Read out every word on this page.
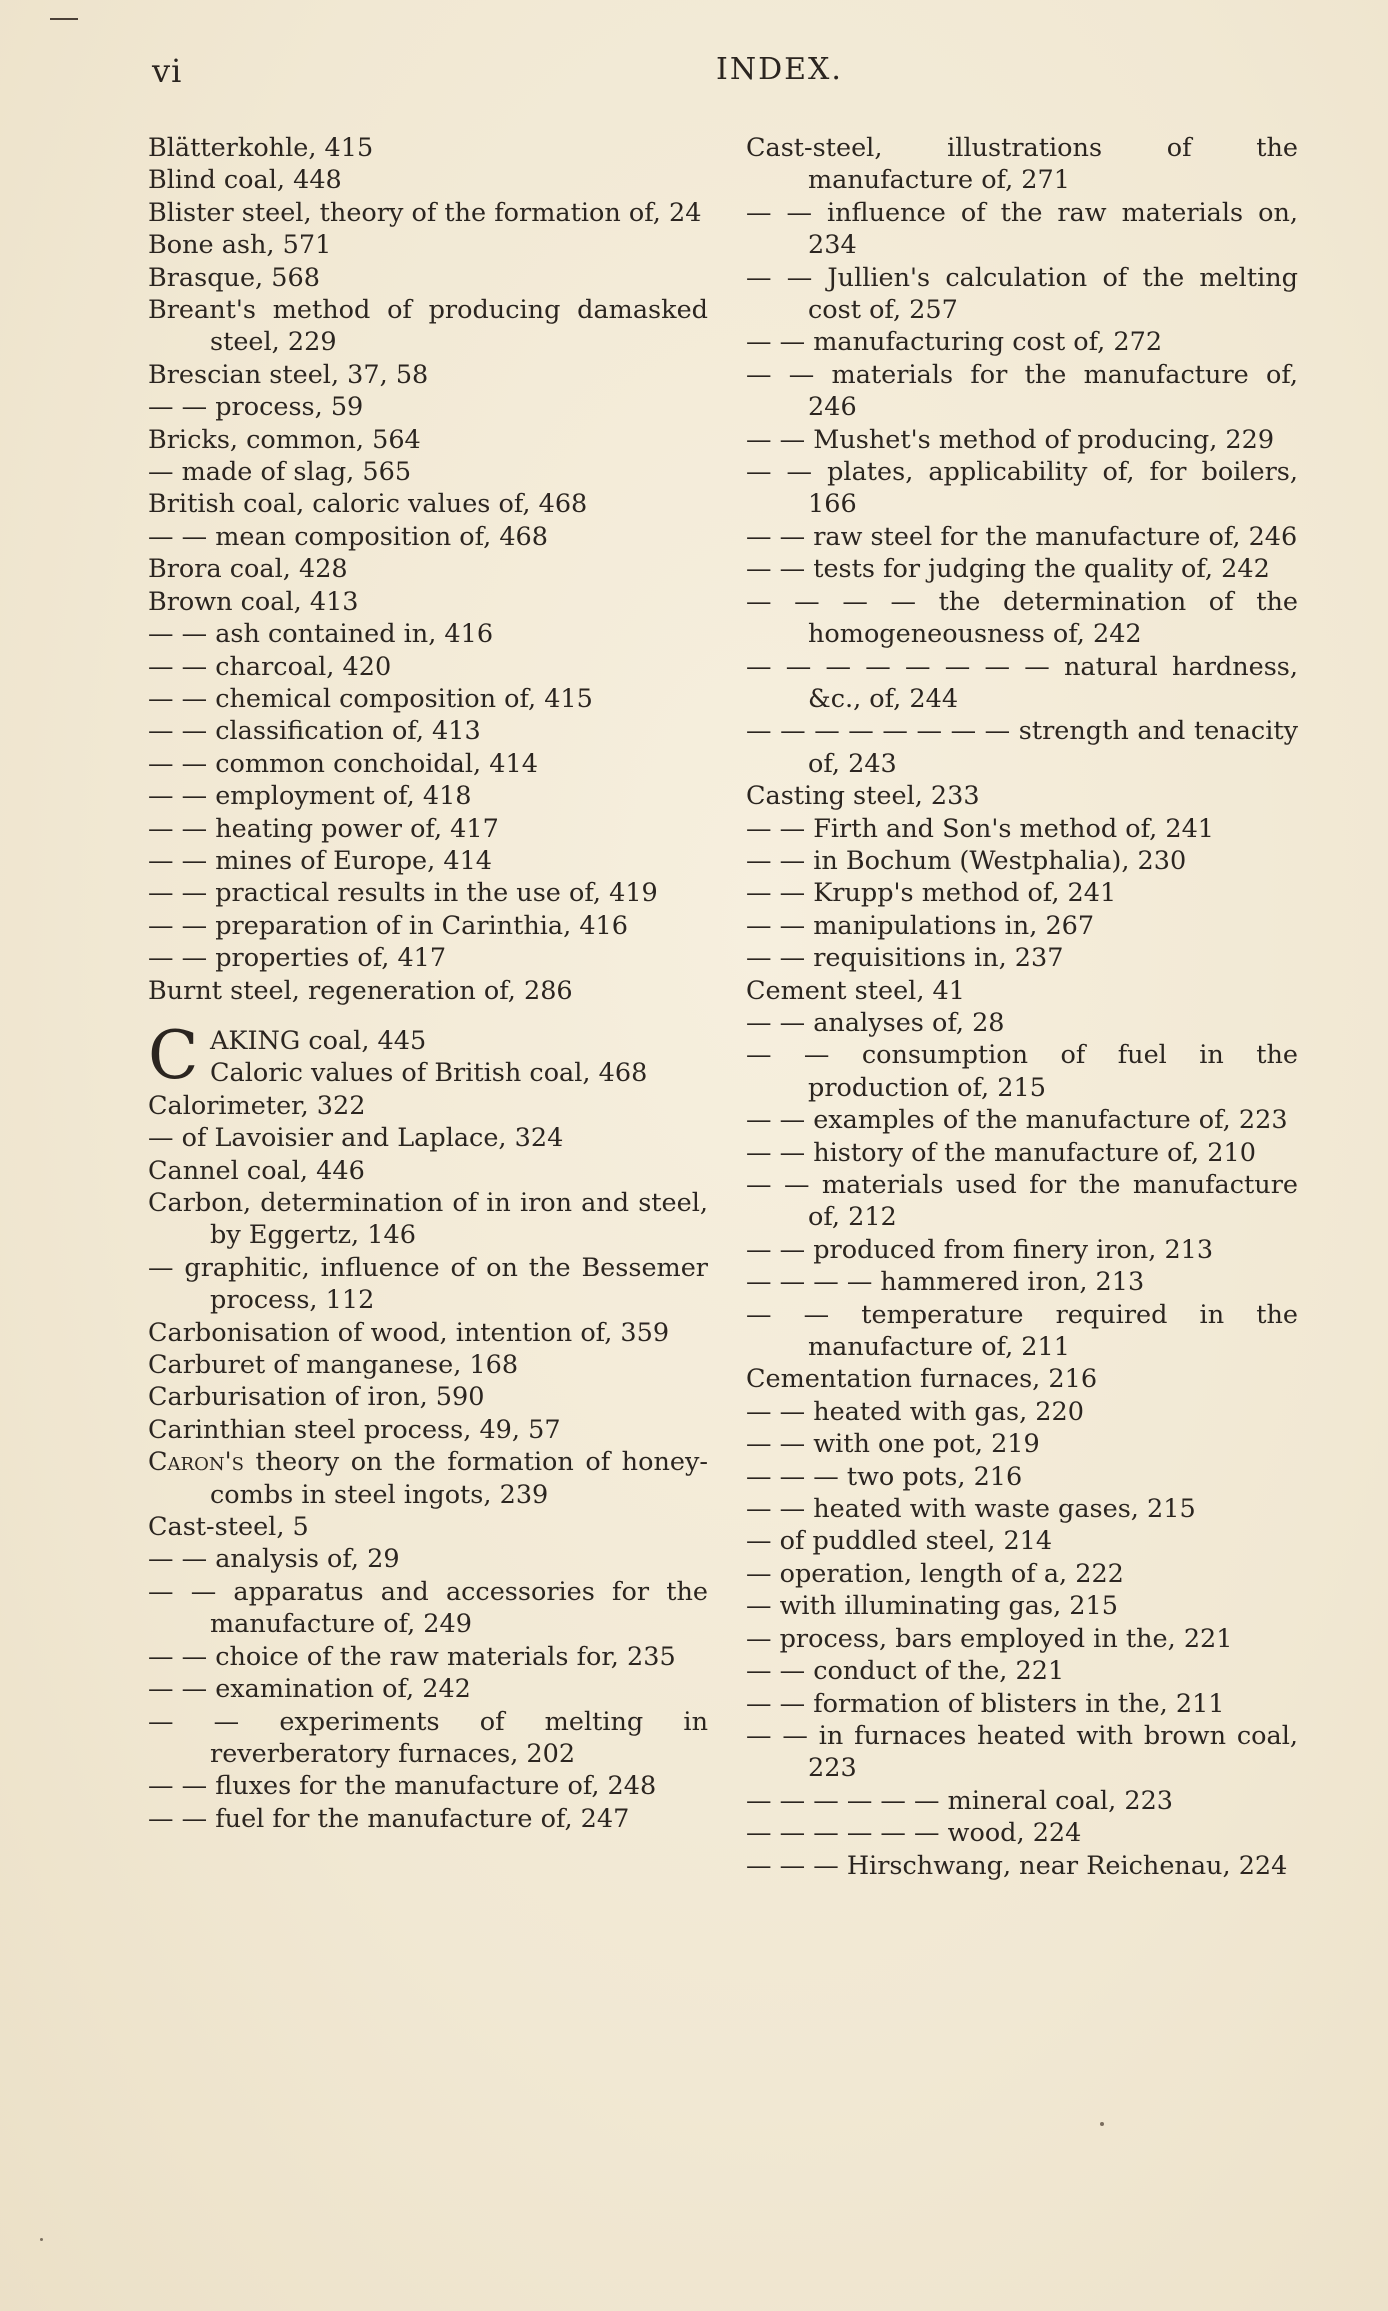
vi	INDEX.

Blätterkohle, 415

Blind coal, 448

Blister steel, theory of the formation of, 24

Bone ash, 571

Brasque, 568

Breant's method of producing damasked steel, 229

Brescian steel, 37, 58

— — process, 59

Bricks, common, 564

— made of slag, 565

British coal, caloric values of, 468

— — mean composition of, 468

Brora coal, 428

Brown coal, 413

— — ash contained in, 416

— — charcoal, 420

— — chemical composition of, 415

— — classification of, 413

— — common conchoidal, 414

— — employment of, 418

— — heating power of, 417

— — mines of Europe, 414

— — practical results in the use of, 419

— — preparation of in Carinthia, 416

— — properties of, 417

Burnt steel, regeneration of, 286

C AKING coal, 445
Caloric values of British coal, 468

Calorimeter, 322

— of Lavoisier and Laplace, 324

Cannel coal, 446

Carbon, determination of in iron and steel, by Eggertz, 146

— graphitic, influence of on the Bessemer process, 112

Carbonisation of wood, intention of, 359

Carburet of manganese, 168

Carburisation of iron, 590

Carinthian steel process, 49, 57

Caron's theory on the formation of honey-combs in steel ingots, 239

Cast-steel, 5

— — analysis of, 29

— — apparatus and accessories for the manufacture of, 249

— — choice of the raw materials for, 235

— — examination of, 242

— — experiments of melting in reverberatory furnaces, 202

— — fluxes for the manufacture of, 248

— — fuel for the manufacture of, 247

Cast-steel, illustrations of the manufacture of, 271

— — influence of the raw materials on, 234

— — Jullien's calculation of the melting cost of, 257

— — manufacturing cost of, 272

— — materials for the manufacture of, 246

— — Mushet's method of producing, 229

— — plates, applicability of, for boilers, 166

— — raw steel for the manufacture of, 246

— — tests for judging the quality of, 242

— — — — the determination of the homogeneousness of, 242

— — — — — — — — natural hardness, &c., of, 244

— — — — — — — — strength and tenacity of, 243

Casting steel, 233

— — Firth and Son's method of, 241

— — in Bochum (Westphalia), 230

— — Krupp's method of, 241

— — manipulations in, 267

— — requisitions in, 237

Cement steel, 41

— — analyses of, 28

— — consumption of fuel in the production of, 215

— — examples of the manufacture of, 223

— — history of the manufacture of, 210

— — materials used for the manufacture of, 212

— — produced from finery iron, 213

— — — — hammered iron, 213

— — temperature required in the manufacture of, 211

Cementation furnaces, 216

— — heated with gas, 220

— — with one pot, 219

— — — two pots, 216

— — heated with waste gases, 215

— of puddled steel, 214

— operation, length of a, 222

— with illuminating gas, 215

— process, bars employed in the, 221

— — conduct of the, 221

— — formation of blisters in the, 211

— — in furnaces heated with brown coal, 223

— — — — — — mineral coal, 223

— — — — — — wood, 224

— — — Hirschwang, near Reichenau, 224
